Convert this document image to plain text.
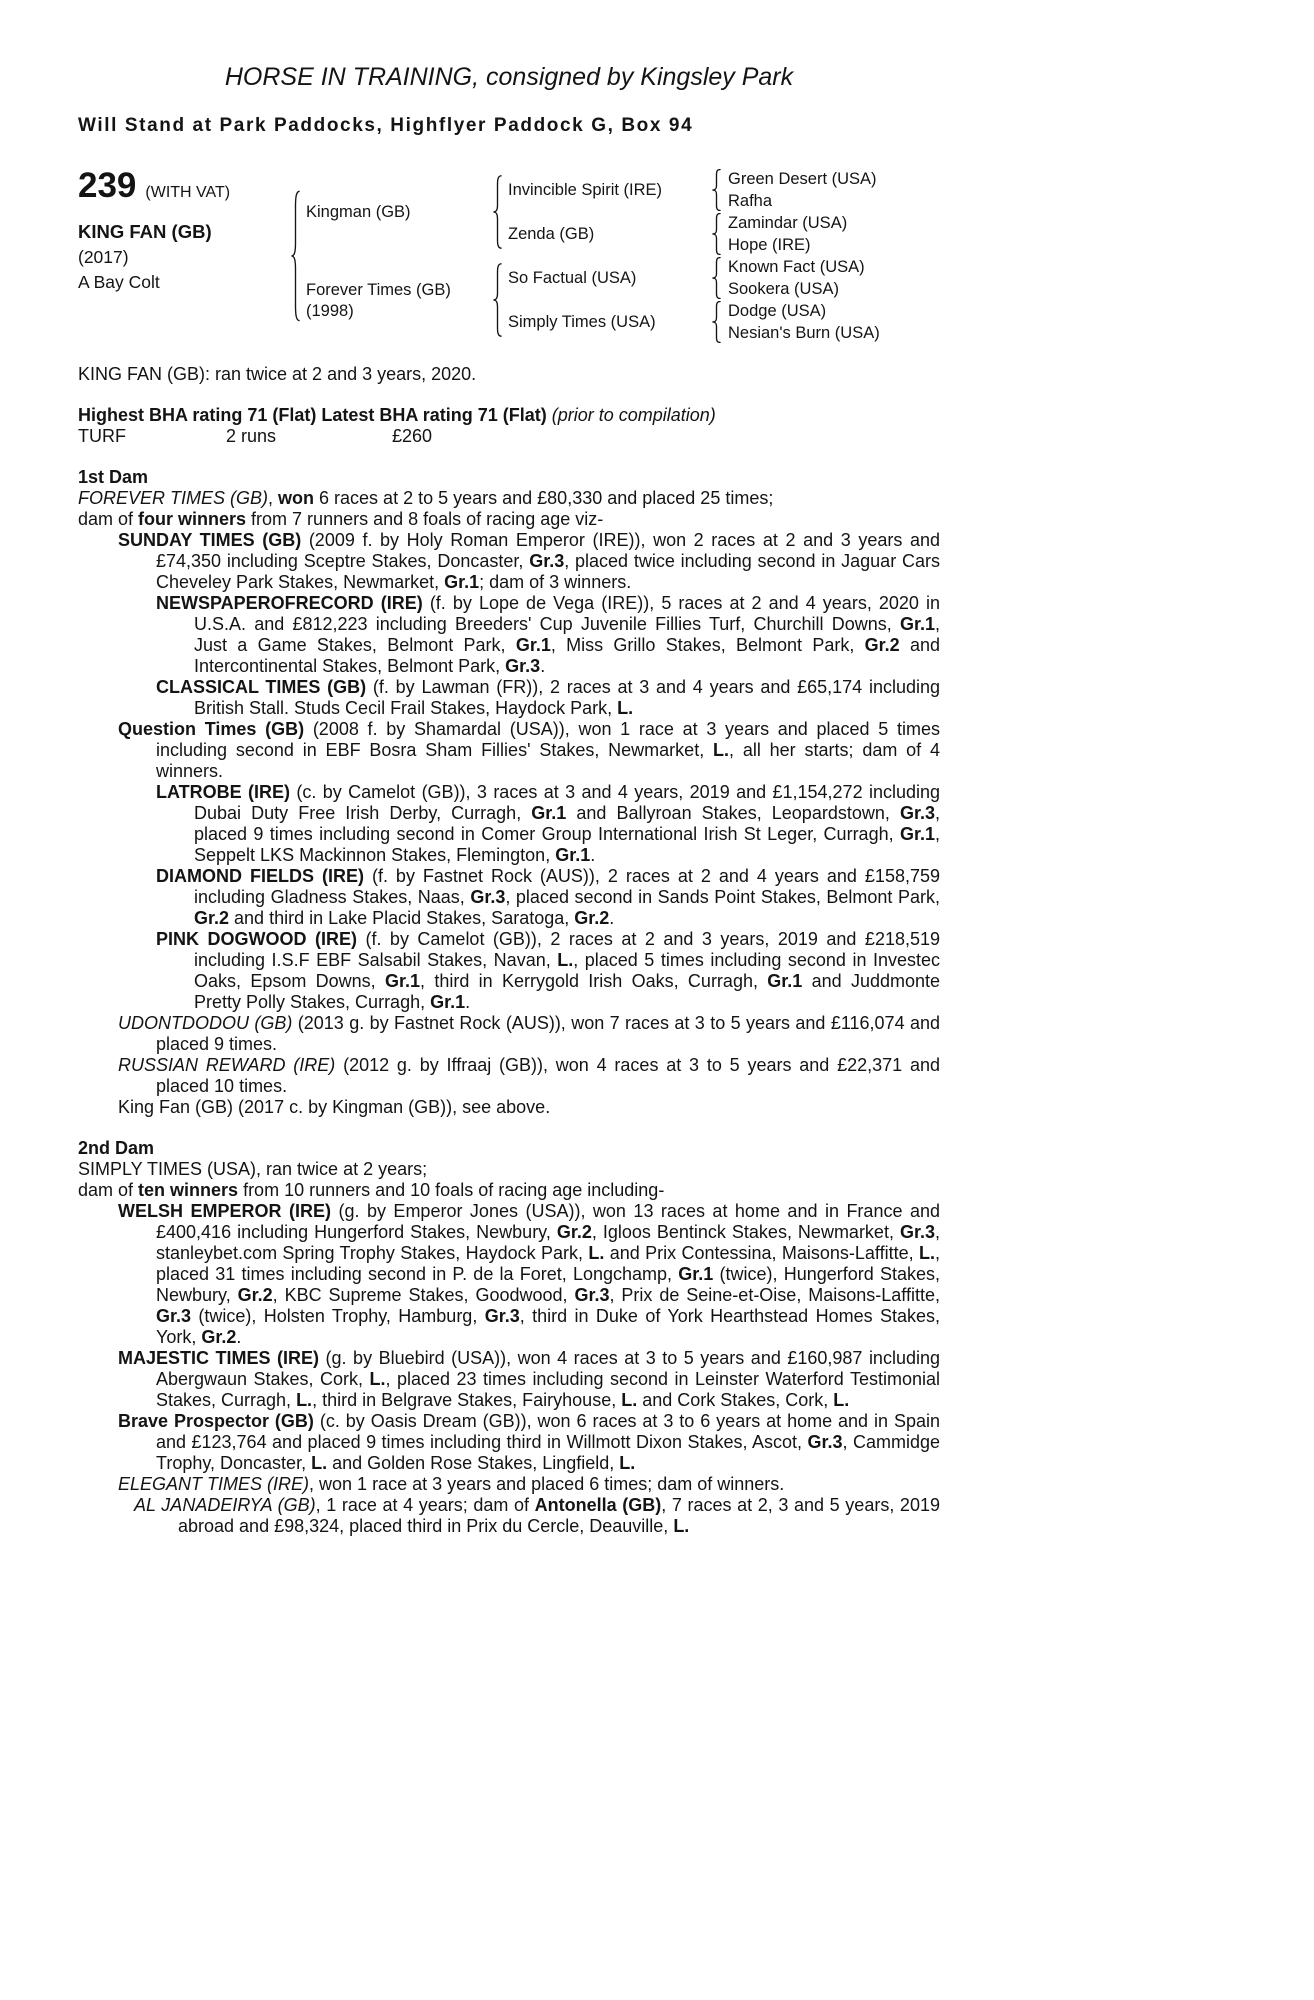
HORSE IN TRAINING, consigned by Kingsley Park
Will Stand at Park Paddocks, Highflyer Paddock G, Box 94
239 (WITH VAT)
KING FAN (GB)
(2017)
A Bay Colt
Kingman (GB)
Forever Times (GB)
(1998)
Invincible Spirit (IRE)
Zenda (GB)
So Factual (USA)
Simply Times (USA)
Green Desert (USA)
Rafha
Zamindar (USA)
Hope (IRE)
Known Fact (USA)
Sookera (USA)
Dodge (USA)
Nesian's Burn (USA)
KING FAN (GB): ran twice at 2 and 3 years, 2020.
Highest BHA rating 71 (Flat) Latest BHA rating 71 (Flat) (prior to compilation)
TURF	2 runs	£260
1st Dam

FOREVER TIMES (GB), won 6 races at 2 to 5 years and £80,330 and placed 25 times;

dam of four winners from 7 runners and 8 foals of racing age viz-

SUNDAY TIMES (GB) (2009 f. by Holy Roman Emperor (IRE)), won 2 races at 2 and 3 years and £74,350 including Sceptre Stakes, Doncaster, Gr.3, placed twice including second in Jaguar Cars Cheveley Park Stakes, Newmarket, Gr.1; dam of 3 winners.

NEWSPAPEROFRECORD (IRE) (f. by Lope de Vega (IRE)), 5 races at 2 and 4 years, 2020 in U.S.A. and £812,223 including Breeders' Cup Juvenile Fillies Turf, Churchill Downs, Gr.1, Just a Game Stakes, Belmont Park, Gr.1, Miss Grillo Stakes, Belmont Park, Gr.2 and Intercontinental Stakes, Belmont Park, Gr.3.

CLASSICAL TIMES (GB) (f. by Lawman (FR)), 2 races at 3 and 4 years and £65,174 including British Stall. Studs Cecil Frail Stakes, Haydock Park, L.

Question Times (GB) (2008 f. by Shamardal (USA)), won 1 race at 3 years and placed 5 times including second in EBF Bosra Sham Fillies' Stakes, Newmarket, L., all her starts; dam of 4 winners.

LATROBE (IRE) (c. by Camelot (GB)), 3 races at 3 and 4 years, 2019 and £1,154,272 including Dubai Duty Free Irish Derby, Curragh, Gr.1 and Ballyroan Stakes, Leopardstown, Gr.3, placed 9 times including second in Comer Group International Irish St Leger, Curragh, Gr.1, Seppelt LKS Mackinnon Stakes, Flemington, Gr.1.

DIAMOND FIELDS (IRE) (f. by Fastnet Rock (AUS)), 2 races at 2 and 4 years and £158,759 including Gladness Stakes, Naas, Gr.3, placed second in Sands Point Stakes, Belmont Park, Gr.2 and third in Lake Placid Stakes, Saratoga, Gr.2.

PINK DOGWOOD (IRE) (f. by Camelot (GB)), 2 races at 2 and 3 years, 2019 and £218,519 including I.S.F EBF Salsabil Stakes, Navan, L., placed 5 times including second in Investec Oaks, Epsom Downs, Gr.1, third in Kerrygold Irish Oaks, Curragh, Gr.1 and Juddmonte Pretty Polly Stakes, Curragh, Gr.1.

UDONTDODOU (GB) (2013 g. by Fastnet Rock (AUS)), won 7 races at 3 to 5 years and £116,074 and placed 9 times.

RUSSIAN REWARD (IRE) (2012 g. by Iffraaj (GB)), won 4 races at 3 to 5 years and £22,371 and placed 10 times.

King Fan (GB) (2017 c. by Kingman (GB)), see above.

2nd Dam

SIMPLY TIMES (USA), ran twice at 2 years;

dam of ten winners from 10 runners and 10 foals of racing age including-

WELSH EMPEROR (IRE) (g. by Emperor Jones (USA)), won 13 races at home and in France and £400,416 including Hungerford Stakes, Newbury, Gr.2, Igloos Bentinck Stakes, Newmarket, Gr.3, stanleybet.com Spring Trophy Stakes, Haydock Park, L. and Prix Contessina, Maisons-Laffitte, L., placed 31 times including second in P. de la Foret, Longchamp, Gr.1 (twice), Hungerford Stakes, Newbury, Gr.2, KBC Supreme Stakes, Goodwood, Gr.3, Prix de Seine-et-Oise, Maisons-Laffitte, Gr.3 (twice), Holsten Trophy, Hamburg, Gr.3, third in Duke of York Hearthstead Homes Stakes, York, Gr.2.

MAJESTIC TIMES (IRE) (g. by Bluebird (USA)), won 4 races at 3 to 5 years and £160,987 including Abergwaun Stakes, Cork, L., placed 23 times including second in Leinster Waterford Testimonial Stakes, Curragh, L., third in Belgrave Stakes, Fairyhouse, L. and Cork Stakes, Cork, L.

Brave Prospector (GB) (c. by Oasis Dream (GB)), won 6 races at 3 to 6 years at home and in Spain and £123,764 and placed 9 times including third in Willmott Dixon Stakes, Ascot, Gr.3, Cammidge Trophy, Doncaster, L. and Golden Rose Stakes, Lingfield, L.

ELEGANT TIMES (IRE), won 1 race at 3 years and placed 6 times; dam of winners.

AL JANADEIRYA (GB), 1 race at 4 years; dam of Antonella (GB), 7 races at 2, 3 and 5 years, 2019 abroad and £98,324, placed third in Prix du Cercle, Deauville, L.
